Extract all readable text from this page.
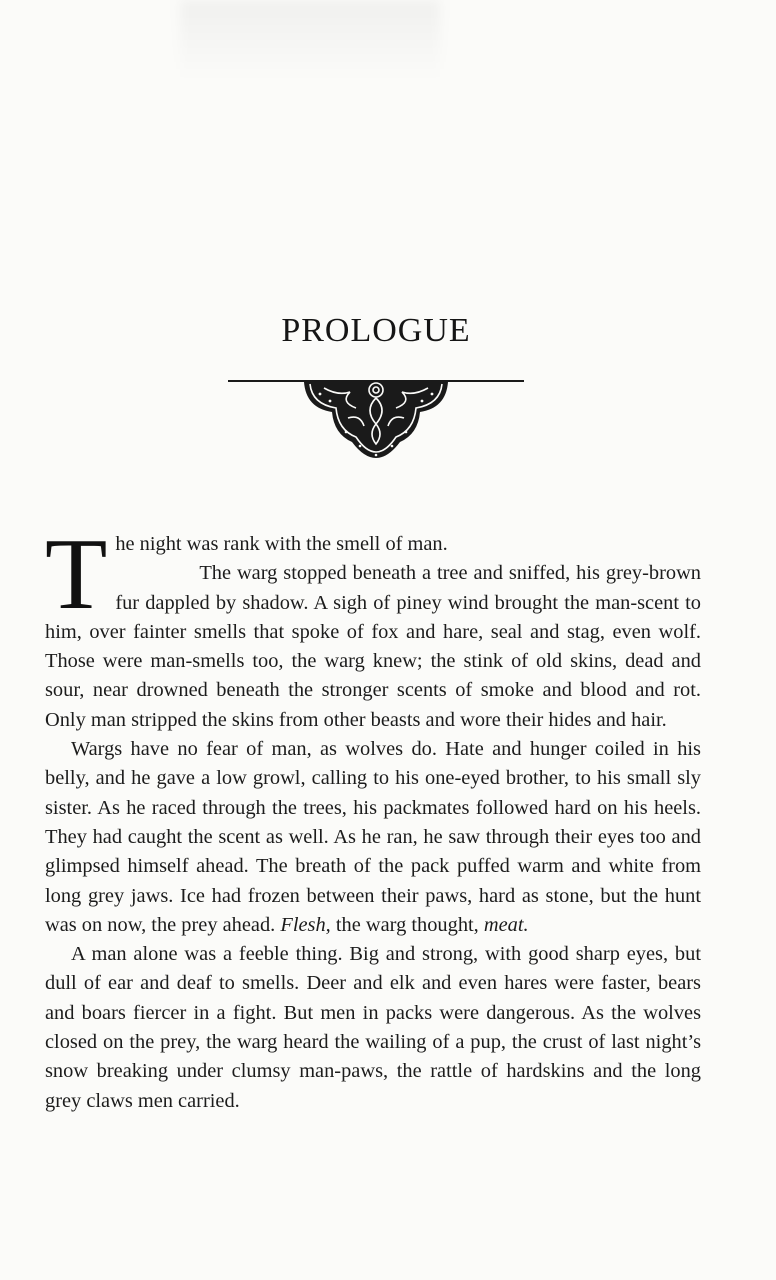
PROLOGUE

The night was rank with the smell of man.

The warg stopped beneath a tree and sniffed, his grey-brown fur dappled by shadow. A sigh of piney wind brought the man-scent to him, over fainter smells that spoke of fox and hare, seal and stag, even wolf. Those were man-smells too, the warg knew; the stink of old skins, dead and sour, near drowned beneath the stronger scents of smoke and blood and rot. Only man stripped the skins from other beasts and wore their hides and hair.

Wargs have no fear of man, as wolves do. Hate and hunger coiled in his belly, and he gave a low growl, calling to his one-eyed brother, to his small sly sister. As he raced through the trees, his packmates followed hard on his heels. They had caught the scent as well. As he ran, he saw through their eyes too and glimpsed himself ahead. The breath of the pack puffed warm and white from long grey jaws. Ice had frozen between their paws, hard as stone, but the hunt was on now, the prey ahead. Flesh, the warg thought, meat.

A man alone was a feeble thing. Big and strong, with good sharp eyes, but dull of ear and deaf to smells. Deer and elk and even hares were faster, bears and boars fiercer in a fight. But men in packs were dangerous. As the wolves closed on the prey, the warg heard the wailing of a pup, the crust of last night’s snow breaking under clumsy man-paws, the rattle of hardskins and the long grey claws men carried.
